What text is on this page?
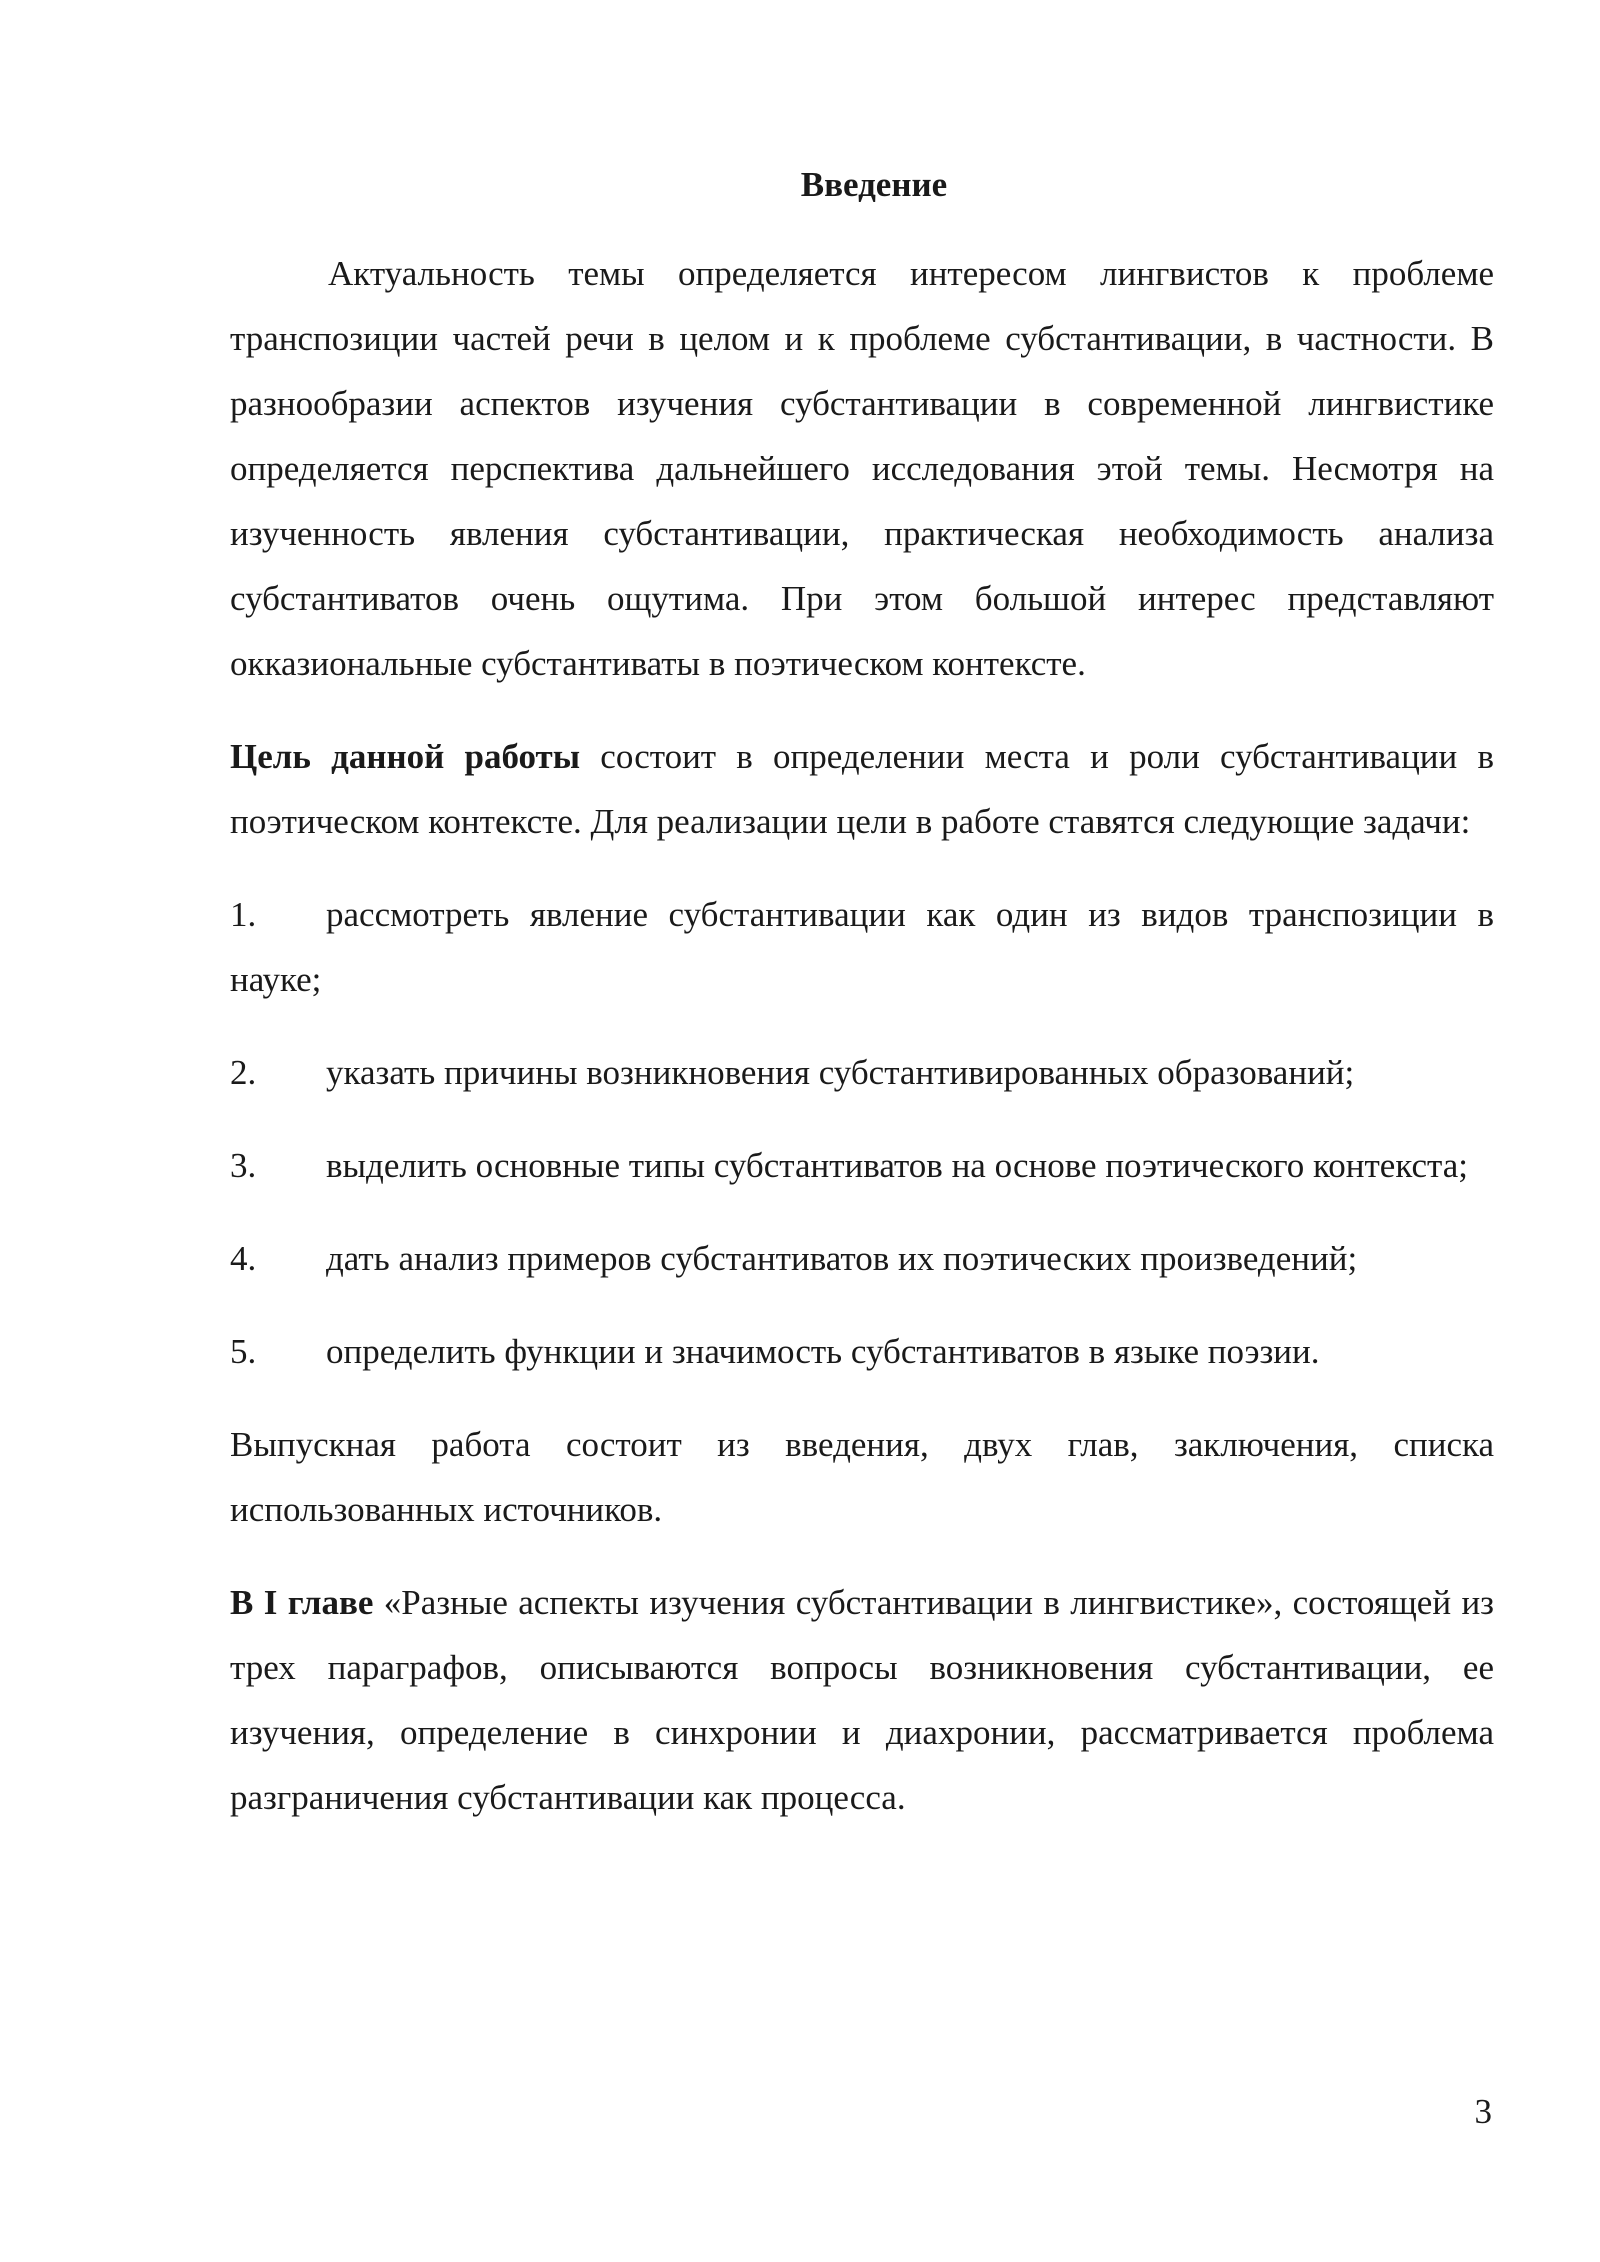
Введение

Актуальность темы определяется интересом лингвистов к проблеме транспозиции частей речи в целом и к проблеме субстантивации, в частности. В разнообразии аспектов изучения субстантивации в современной лингвистике определяется перспектива дальнейшего исследования этой темы. Несмотря на изученность явления субстантивации, практическая необходимость анализа субстантиватов очень ощутима. При этом большой интерес представляют окказиональные субстантиваты в поэтическом контексте.

Цель данной работы состоит в определении места и роли субстантивации в поэтическом контексте. Для реализации цели в работе ставятся следующие задачи:

1. рассмотреть явление субстантивации как один из видов транспозиции в науке;

2. указать причины возникновения субстантивированных образований;

3. выделить основные типы субстантиватов на основе поэтического контекста;

4. дать анализ примеров субстантиватов их поэтических произведений;

5. определить функции и значимость субстантиватов в языке поэзии.

Выпускная работа состоит из введения, двух глав, заключения, списка использованных источников.

В I главе «Разные аспекты изучения субстантивации в лингвистике», состоящей из трех параграфов, описываются вопросы возникновения субстантивации, ее изучения, определение в синхронии и диахронии, рассматривается проблема разграничения субстантивации как процесса.

3
